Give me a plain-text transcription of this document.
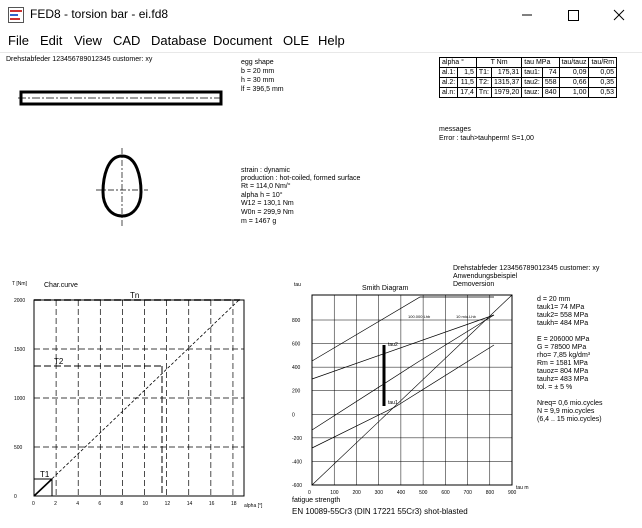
FED8 - torsion bar - ei.fd8
File Edit View CAD Database Document OLE Help
Drehstabfeder 123456789012345 customer: xy	egg shape
b = 20 mm
h = 30 mm
lf = 396,5 mm
alpha °		T Nm		tau MPa		tau/tauz	tau/Rm
al.1:	1,5	T1:	175,31	tau1:	74	0,09	0,05
al.2:	11,5	T2:	1315,37	tau2:	558	0,66	0,35
al.n:	17,4	Tn:	1979,20	tauz:	840	1,00	0,53
messages
Error : tauh>tauhperm! S=1,00
strain : dynamic
production : hot-coiled, formed surface
Rt = 114,0 Nm/°
alpha h = 10°
W12 = 130,1 Nm
W0n = 299,9 Nm
m = 1467 g
0	2	4	6	8	10	12	14	16	18
2000
1500
1000
500
0
Char.curve
T [Nm]
alpha [°]
Tn
T2
T1
Drehstabfeder 123456789012345 customer: xy
Anwendungsbeispiel
Demoversion
0	100	200	300	400	500	600	700	800	900
800
600
400
200
0
-200
-400
-600
Smith Diagram
tau
tau m
100.000 Lhb	10 mio.Lhb
tau2
tau1
d = 20 mm
tauk1= 74 MPa
tauk2= 558 MPa
taukh= 484 MPa
E = 206000 MPa
G = 78500 MPa
rho= 7,85 kg/dm³
Rm = 1581 MPa
tauoz= 804 MPa
tauhz= 483 MPa
tol. = ± 5 %
Nreq= 0,6 mio.cycles
N = 9,9 mio.cycles
(6,4 .. 15 mio.cycles)
fatigue strength
EN 10089-55Cr3 (DIN 17221 55Cr3) shot-blasted
